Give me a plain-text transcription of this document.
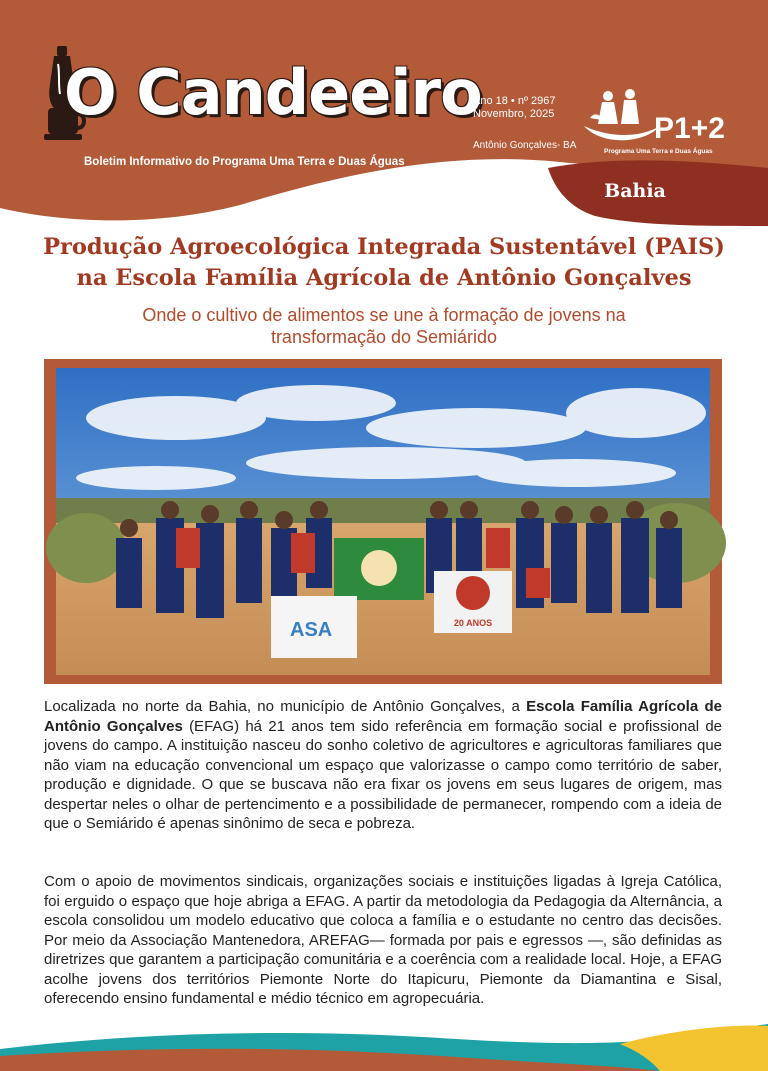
O Candeeiro
Boletim Informativo do Programa Uma Terra e Duas Águas
Ano 18 • nº 2967
Novembro, 2025
Antônio Gonçalves- BA
P1+2
Programa Uma Terra e Duas Águas
Bahia
Produção Agroecológica Integrada Sustentável (PAIS)
na Escola Família Agrícola de Antônio Gonçalves
Onde o cultivo de alimentos se une à formação de jovens na
transformação do Semiárido
20 ANOS
ASA

Localizada no norte da Bahia, no município de Antônio Gonçalves, a Escola Família Agrícola de Antônio Gonçalves (EFAG) há 21 anos tem sido referência em formação social e profissional de jovens do campo. A instituição nasceu do sonho coletivo de agricultores e agricultoras familiares que não viam na educação convencional um espaço que valorizasse o campo como território de saber, produção e dignidade. O que se buscava não era fixar os jovens em seus lugares de origem, mas despertar neles o olhar de pertencimento e a possibilidade de permanecer, rompendo com a ideia de que o Semiárido é apenas sinônimo de seca e pobreza.

Com o apoio de movimentos sindicais, organizações sociais e instituições ligadas à Igreja Católica, foi erguido o espaço que hoje abriga a EFAG. A partir da metodologia da Pedagogia da Alternância, a escola consolidou um modelo educativo que coloca a família e o estudante no centro das decisões. Por meio da Associação Mantenedora, AREFAG— formada por pais e egressos —, são definidas as diretrizes que garantem a participação comunitária e a coerência com a realidade local. Hoje, a EFAG acolhe jovens dos territórios Piemonte Norte do Itapicuru, Piemonte da Diamantina e Sisal, oferecendo ensino fundamental e médio técnico em agropecuária.
